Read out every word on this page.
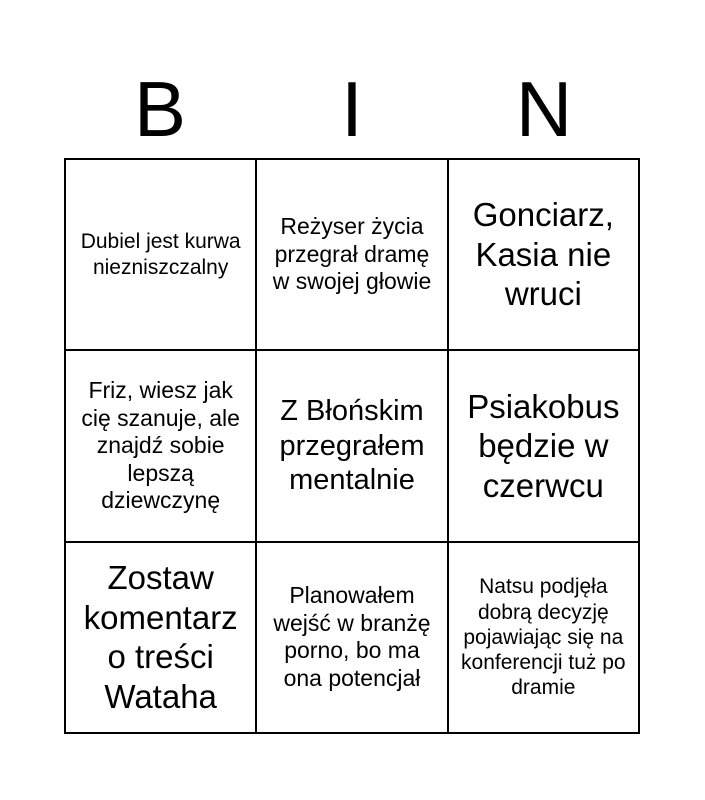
B	I	N
Dubiel jest kurwa niezniszczalny
Reżyser życia przegrał dramę w swojej głowie
Gonciarz, Kasia nie wruci
Friz, wiesz jak cię szanuje, ale znajdź sobie lepszą dziewczynę
Z Błońskim przegrałem mentalnie
Psiakobus będzie w czerwcu
Zostaw komentarz o treści Wataha
Planowałem wejść w branżę porno, bo ma ona potencjał
Natsu podjęła dobrą decyzję pojawiając się na konferencji tuż po dramie
